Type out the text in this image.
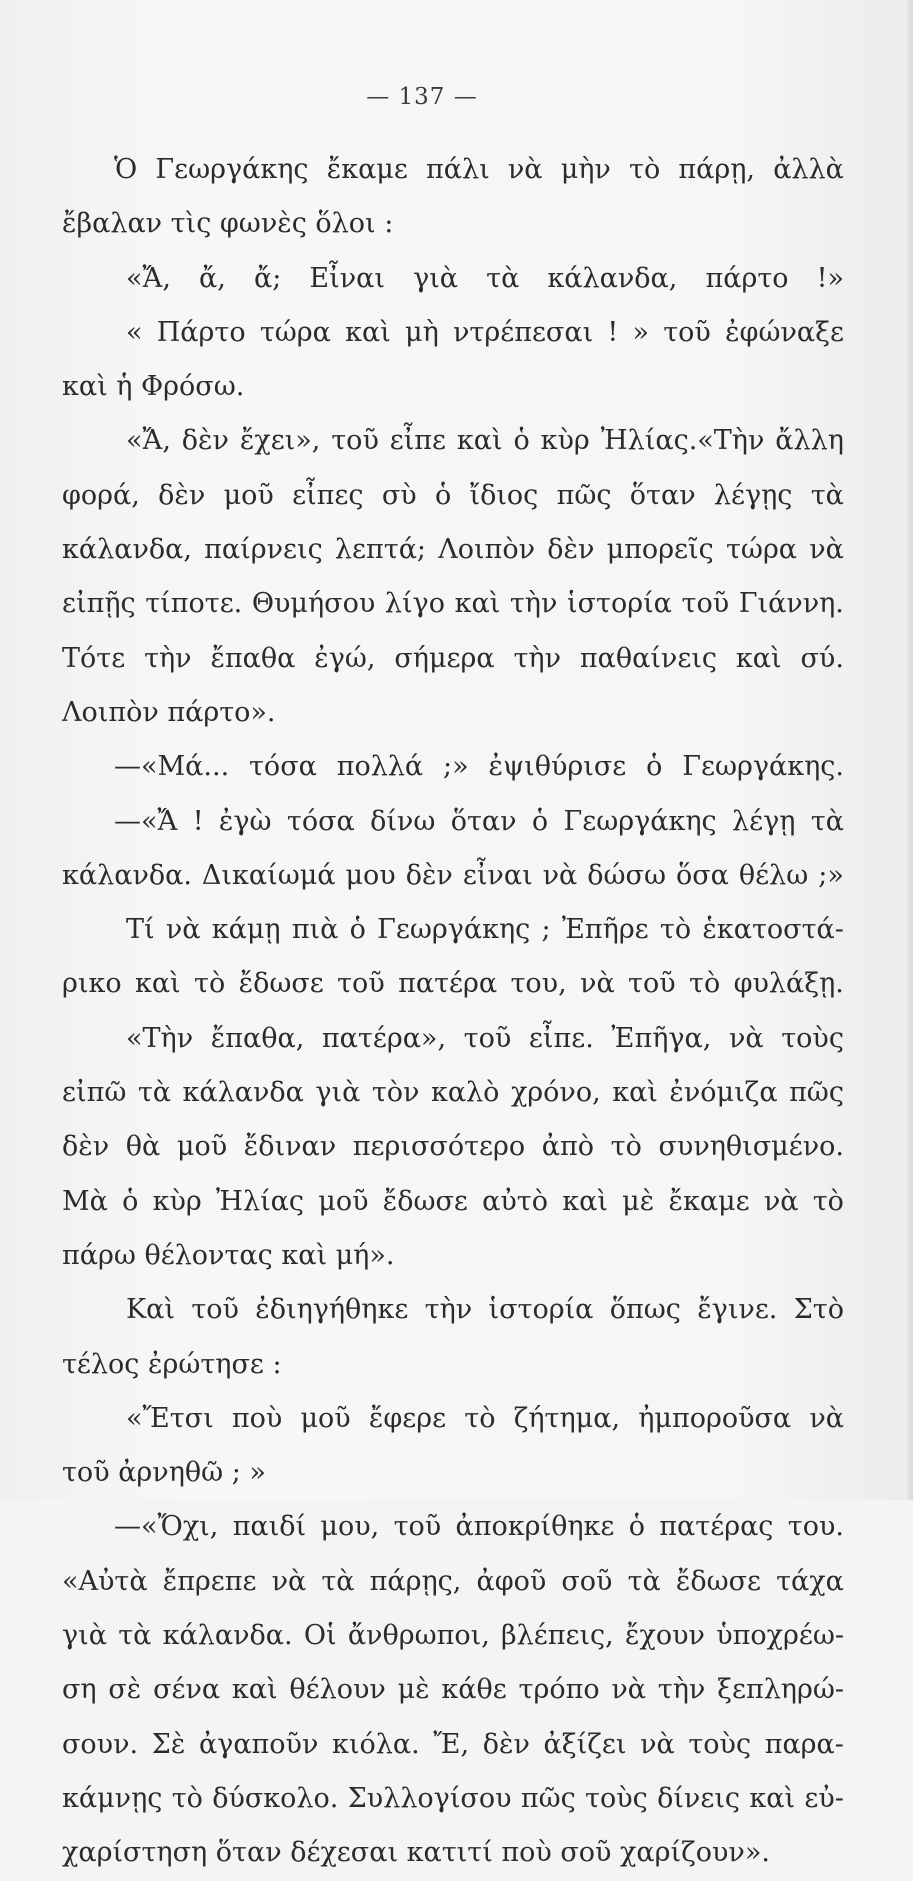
— 137 —
Ὁ Γεωργάκης ἔκαμε πάλι νὰ μὴν τὸ πάρῃ, ἀλλὰ
ἔβαλαν τὶς φωνὲς ὅλοι :
«Ἄ, ἄ, ἄ; Εἶναι γιὰ τὰ κάλανδα, πάρτο !»
« Πάρτο τώρα καὶ μὴ ντρέπεσαι ! » τοῦ ἐφώναξε
καὶ ἡ Φρόσω.
«Ἄ, δὲν ἔχει», τοῦ εἶπε καὶ ὁ κὺρ Ἠλίας.«Τὴν ἄλλη
φορά, δὲν μοῦ εἶπες σὺ ὁ ἴδιος πῶς ὅταν λέγῃς τὰ
κάλανδα, παίρνεις λεπτά; Λοιπὸν δὲν μπορεῖς τώρα νὰ
εἰπῇς τίποτε. Θυμήσου λίγο καὶ τὴν ἱστορία τοῦ Γιάννη.
Τότε τὴν ἔπαθα ἐγώ, σήμερα τὴν παθαίνεις καὶ σύ.
Λοιπὸν πάρτο».
—«Μά... τόσα πολλά ;» ἐψιθύρισε ὁ Γεωργάκης.
—«Ἄ ! ἐγὼ τόσα δίνω ὅταν ὁ Γεωργάκης λέγῃ τὰ
κάλανδα. Δικαίωμά μου δὲν εἶναι νὰ δώσω ὅσα θέλω ;»
Τί νὰ κάμῃ πιὰ ὁ Γεωργάκης ; Ἐπῆρε τὸ ἑκατοστά-
ρικο καὶ τὸ ἔδωσε τοῦ πατέρα του, νὰ τοῦ τὸ φυλάξῃ.
«Τὴν ἔπαθα, πατέρα», τοῦ εἶπε. Ἐπῆγα, νὰ τοὺς
εἰπῶ τὰ κάλανδα γιὰ τὸν καλὸ χρόνο, καὶ ἐνόμιζα πῶς
δὲν θὰ μοῦ ἔδιναν περισσότερο ἀπὸ τὸ συνηθισμένο.
Μὰ ὁ κὺρ Ἠλίας μοῦ ἔδωσε αὐτὸ καὶ μὲ ἔκαμε νὰ τὸ
πάρω θέλοντας καὶ μή».
Καὶ τοῦ ἐδιηγήθηκε τὴν ἱστορία ὅπως ἔγινε. Στὸ
τέλος ἐρώτησε :
«Ἔτσι ποὺ μοῦ ἔφερε τὸ ζήτημα, ἠμποροῦσα νὰ
τοῦ ἀρνηθῶ ; »
—«Ὄχι, παιδί μου, τοῦ ἀποκρίθηκε ὁ πατέρας του.
«Αὐτὰ ἔπρεπε νὰ τὰ πάρῃς, ἀφοῦ σοῦ τὰ ἔδωσε τάχα
γιὰ τὰ κάλανδα. Οἱ ἄνθρωποι, βλέπεις, ἔχουν ὑποχρέω-
ση σὲ σένα καὶ θέλουν μὲ κάθε τρόπο νὰ τὴν ξεπληρώ-
σουν. Σὲ ἀγαποῦν κιόλα. Ἔ, δὲν ἀξίζει νὰ τοὺς παρα-
κάμνῃς τὸ δύσκολο. Συλλογίσου πῶς τοὺς δίνεις καὶ εὐ-
χαρίστηση ὅταν δέχεσαι κατιτί ποὺ σοῦ χαρίζουν».
